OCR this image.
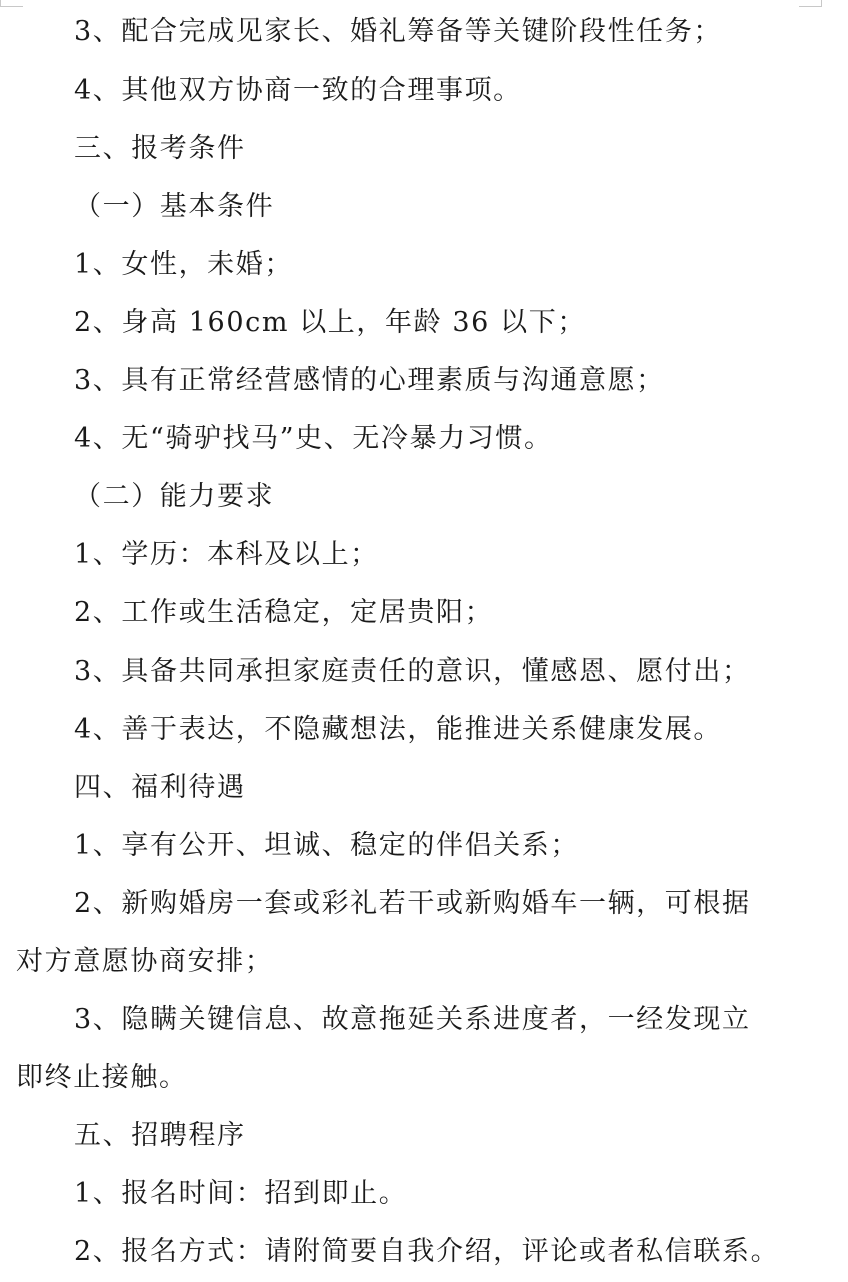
3、配合完成见家长、婚礼筹备等关键阶段性任务；

4、其他双方协商一致的合理事项。

三、报考条件

（一）基本条件

1、女性，未婚；

2、身高 160cm 以上，年龄 36 以下；

3、具有正常经营感情的心理素质与沟通意愿；

4、无“骑驴找马”史、无冷暴力习惯。

（二）能力要求

1、学历：本科及以上；

2、工作或生活稳定，定居贵阳；

3、具备共同承担家庭责任的意识，懂感恩、愿付出；

4、善于表达，不隐藏想法，能推进关系健康发展。

四、福利待遇

1、享有公开、坦诚、稳定的伴侣关系；

2、新购婚房一套或彩礼若干或新购婚车一辆，可根据

对方意愿协商安排；

3、隐瞒关键信息、故意拖延关系进度者，一经发现立

即终止接触。

五、招聘程序

1、报名时间：招到即止。

2、报名方式：请附简要自我介绍，评论或者私信联系。
